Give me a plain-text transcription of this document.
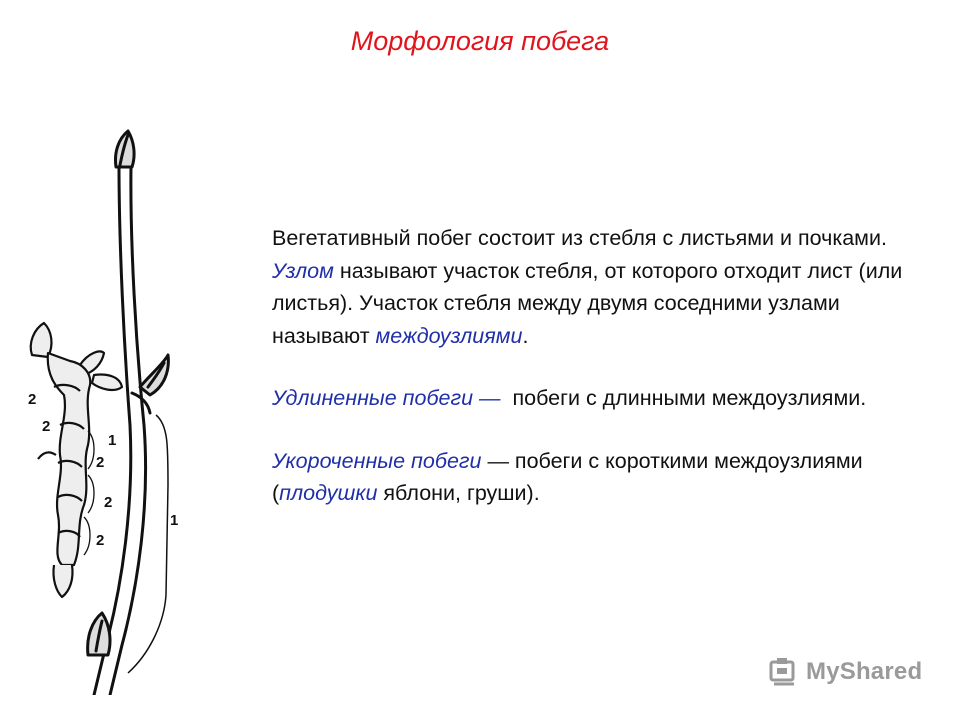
Морфология побега
1
2
2
1
2
2
2

Вегетативный побег состоит из стебля с листьями и почками. Узлом называют участок стебля, от которого отходит лист (или листья). Участок стебля между двумя соседними узлами называют междоузлиями.

Удлиненные побеги —  побеги с длинными междоузлиями.

Укороченные побеги — побеги с короткими междоузлиями (плодушки яблони, груши).

MyShared
